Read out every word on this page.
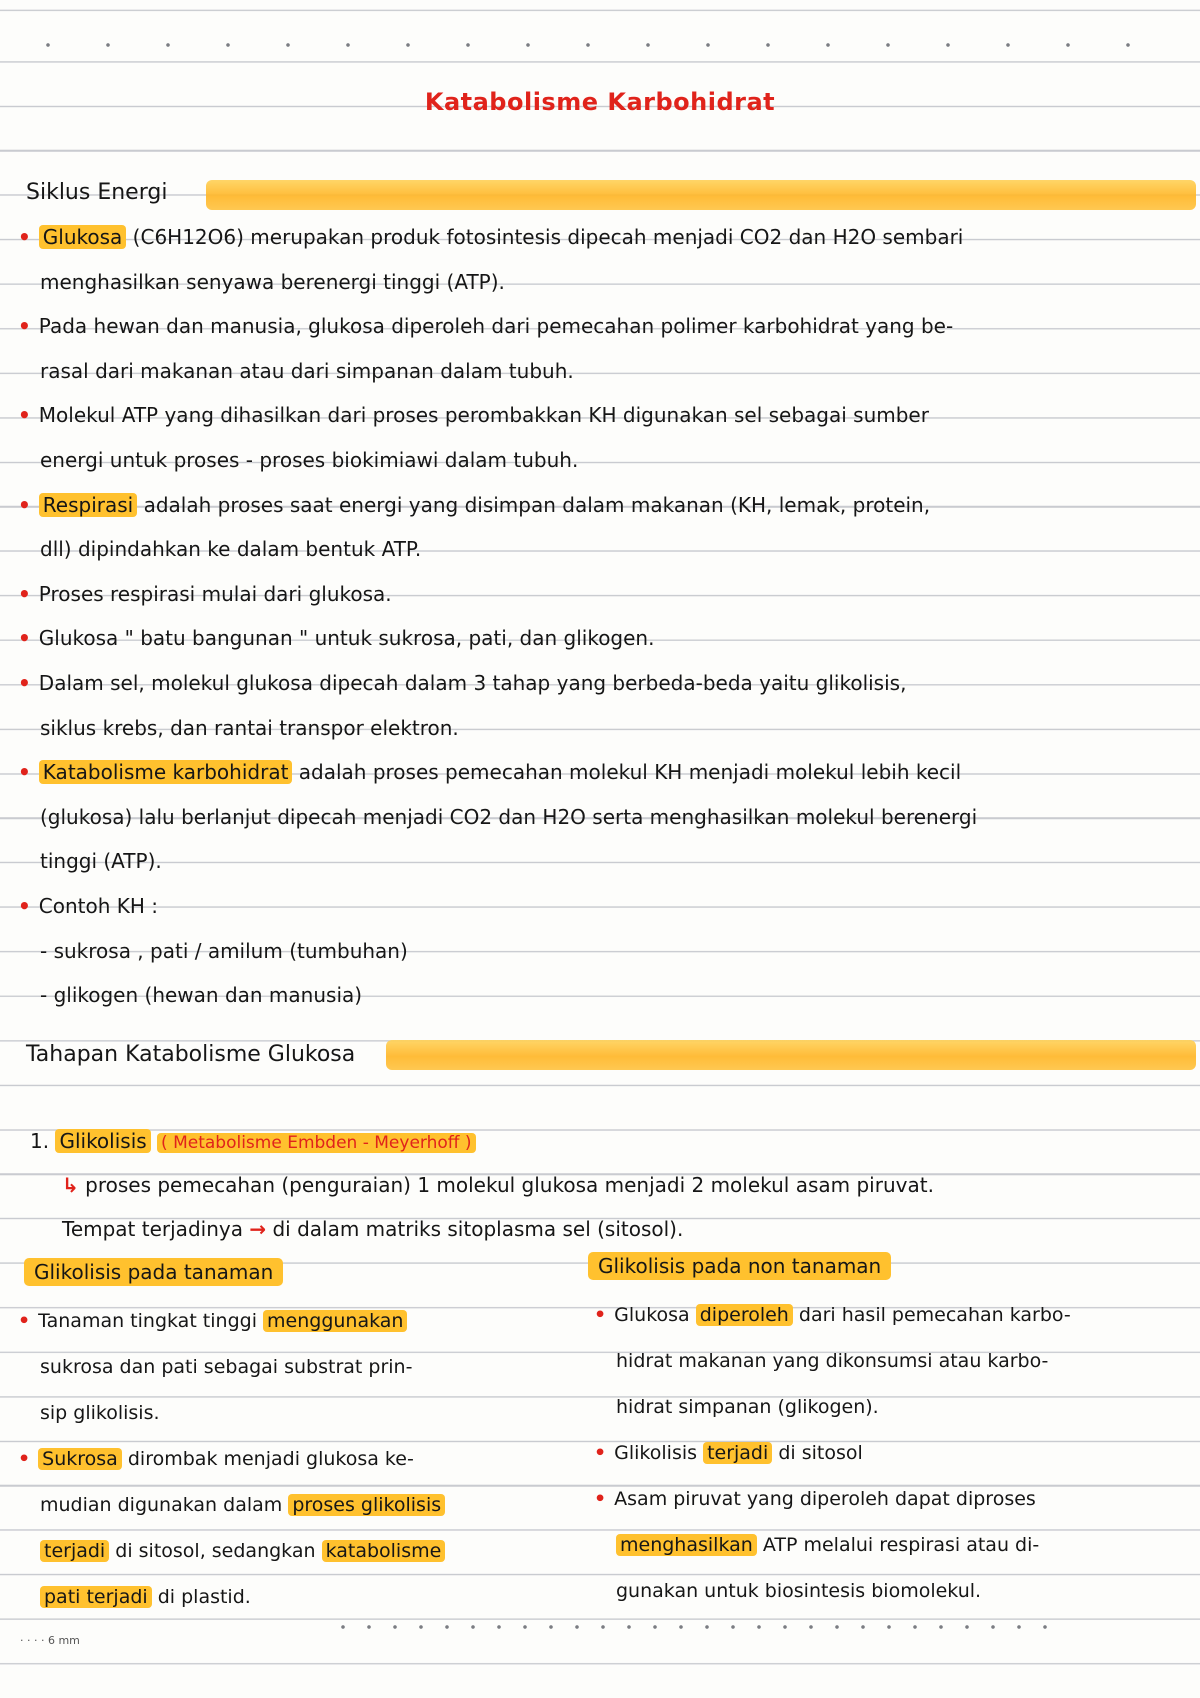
Katabolisme Karbohidrat
Siklus Energi
• Glukosa (C6H12O6) merupakan produk fotosintesis dipecah menjadi CO2 dan H2O sembari
menghasilkan senyawa berenergi tinggi (ATP).
• Pada hewan dan manusia, glukosa diperoleh dari pemecahan polimer karbohidrat yang be-
rasal dari makanan atau dari simpanan dalam tubuh.
• Molekul ATP yang dihasilkan dari proses perombakkan KH digunakan sel sebagai sumber
energi untuk proses - proses biokimiawi dalam tubuh.
• Respirasi adalah proses saat energi yang disimpan dalam makanan (KH, lemak, protein,
dll) dipindahkan ke dalam bentuk ATP.
• Proses respirasi mulai dari glukosa.
• Glukosa " batu bangunan " untuk sukrosa, pati, dan glikogen.
• Dalam sel, molekul glukosa dipecah dalam 3 tahap yang berbeda-beda yaitu glikolisis,
siklus krebs, dan rantai transpor elektron.
• Katabolisme karbohidrat adalah proses pemecahan molekul KH menjadi molekul lebih kecil
(glukosa) lalu berlanjut dipecah menjadi CO2 dan H2O serta menghasilkan molekul berenergi
tinggi (ATP).
• Contoh KH :
- sukrosa , pati / amilum (tumbuhan)
- glikogen (hewan dan manusia)
Tahapan Katabolisme Glukosa
1. Glikolisis ( Metabolisme Embden - Meyerhoff )
↳ proses pemecahan (penguraian) 1 molekul glukosa menjadi 2 molekul asam piruvat.
Tempat terjadinya → di dalam matriks sitoplasma sel (sitosol).
Glikolisis pada tanaman	Glikolisis pada non tanaman
• Tanaman tingkat tinggi menggunakan
sukrosa dan pati sebagai substrat prin-
sip glikolisis.
• Sukrosa dirombak menjadi glukosa ke-
mudian digunakan dalam proses glikolisis
terjadi di sitosol, sedangkan katabolisme
pati terjadi di plastid.
• Glukosa diperoleh dari hasil pemecahan karbo-
hidrat makanan yang dikonsumsi atau karbo-
hidrat simpanan (glikogen).
• Glikolisis terjadi di sitosol
• Asam piruvat yang diperoleh dapat diproses
menghasilkan ATP melalui respirasi atau di-
gunakan untuk biosintesis biomolekul.
· · · · 6 mm
